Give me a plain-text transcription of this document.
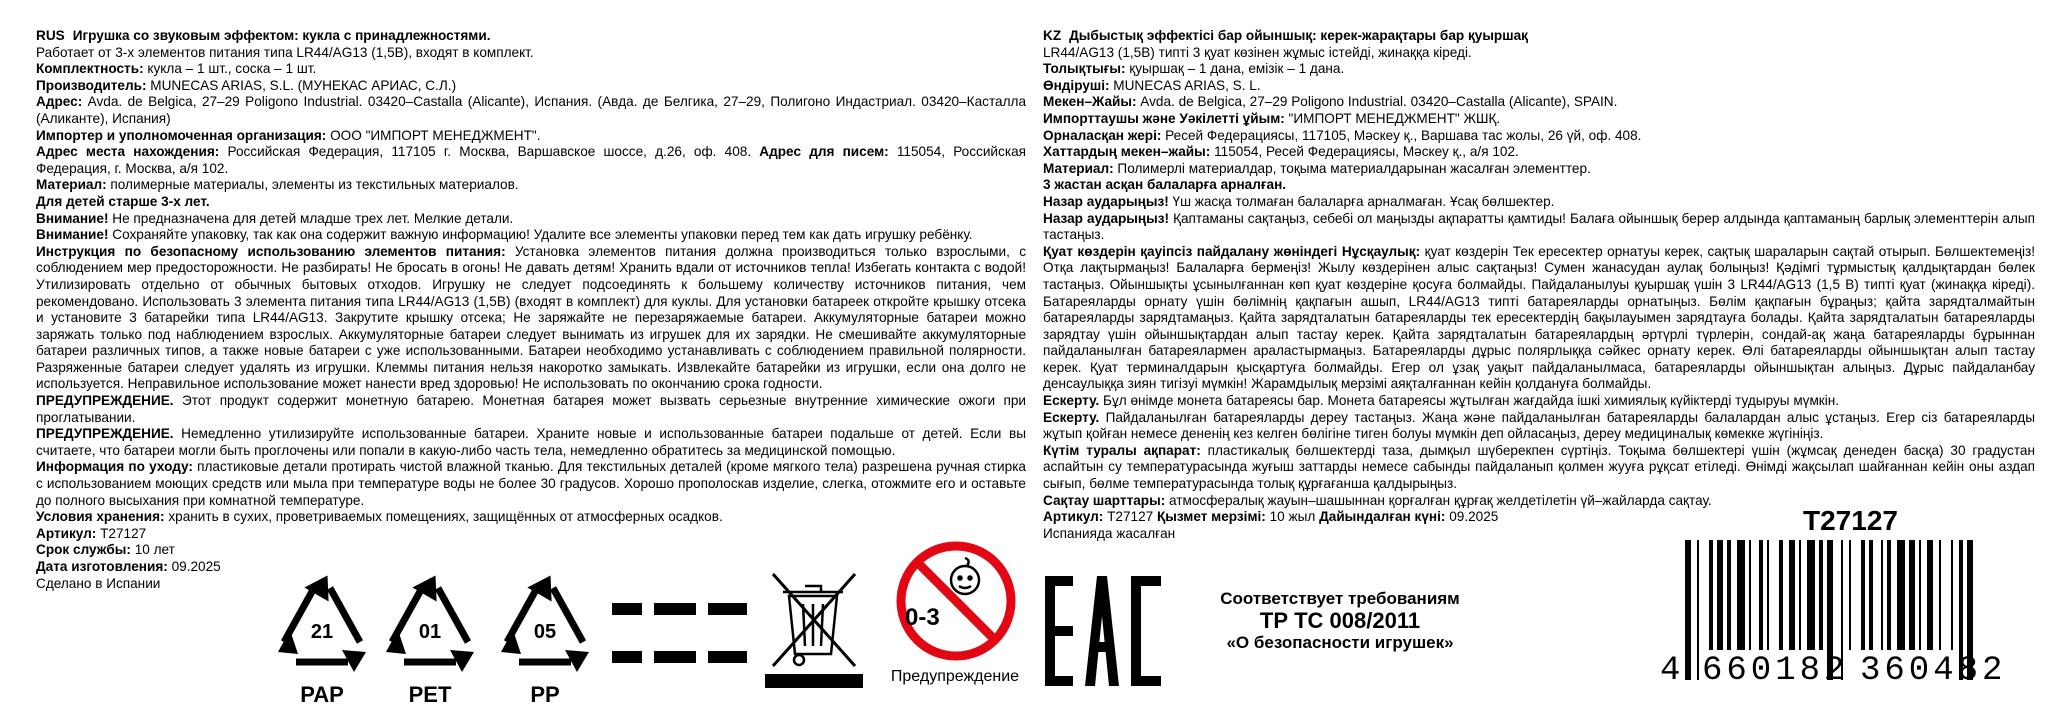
RUS Игрушка со звуковым эффектом: кукла с принадлежностями.

Работает от 3-х элементов питания типа LR44/AG13 (1,5В), входят в комплект.

Комплектность: кукла – 1 шт., соска – 1 шт.

Производитель: MUNECAS ARIAS, S.L. (МУНЕКАС АРИАС, С.Л.)

Адрес: Avda. de Belgica, 27–29 Poligono Industrial. 03420–Castalla (Alicante), Испания. (Авда. де Белгика, 27–29, Полигоно Индастриал. 03420–Касталла (Аликанте), Испания)

Импортер и уполномоченная организация: ООО "ИМПОРТ МЕНЕДЖМЕНТ".

Адрес места нахождения: Российская Федерация, 117105 г. Москва, Варшавское шоссе, д.26, оф. 408. Адрес для писем: 115054, Российская Федерация, г. Москва, а/я 102.

Материал: полимерные материалы, элементы из текстильных материалов.

Для детей старше 3-х лет.

Внимание! Не предназначена для детей младше трех лет. Мелкие детали.

Внимание! Сохраняйте упаковку, так как она содержит важную информацию! Удалите все элементы упаковки перед тем как дать игрушку ребёнку.

Инструкция по безопасному использованию элементов питания: Установка элементов питания должна производиться только взрослыми, с соблюдением мер предосторожности. Не разбирать! Не бросать в огонь! Не давать детям! Хранить вдали от источников тепла! Избегать контакта с водой! Утилизировать отдельно от обычных бытовых отходов. Игрушку не следует подсоединять к большему количеству источников питания, чем рекомендовано. Использовать 3 элемента питания типа LR44/AG13 (1,5В) (входят в комплект) для куклы. Для установки батареек откройте крышку отсека и установите 3 батарейки типа LR44/AG13. Закрутите крышку отсека; Не заряжайте не перезаряжаемые батареи. Аккумуляторные батареи можно заряжать только под наблюдением взрослых. Аккумуляторные батареи следует вынимать из игрушек для их зарядки. Не смешивайте аккумуляторные батареи различных типов, а также новые батареи с уже использованными. Батареи необходимо устанавливать с соблюдением правильной полярности. Разряженные батареи следует удалять из игрушки. Клеммы питания нельзя накоротко замыкать. Извлекайте батарейки из игрушки, если она долго не используется. Неправильное использование может нанести вред здоровью! Не использовать по окончанию срока годности.

ПРЕДУПРЕЖДЕНИЕ. Этот продукт содержит монетную батарею. Монетная батарея может вызвать серьезные внутренние химические ожоги при проглатывании.

ПРЕДУПРЕЖДЕНИЕ. Немедленно утилизируйте использованные батареи. Храните новые и использованные батареи подальше от детей. Если вы считаете, что батареи могли быть проглочены или попали в какую-либо часть тела, немедленно обратитесь за медицинской помощью.

Информация по уходу: пластиковые детали протирать чистой влажной тканью. Для текстильных деталей (кроме мягкого тела) разрешена ручная стирка с использованием моющих средств или мыла при температуре воды не более 30 градусов. Хорошо прополоскав изделие, слегка, отожмите его и оставьте до полного высыхания при комнатной температуре.

Условия хранения: хранить в сухих, проветриваемых помещениях, защищённых от атмосферных осадков.

Артикул: T27127

Срок службы: 10 лет

Дата изготовления: 09.2025

Сделано в Испании

KZ Дыбыстық эффектісі бар ойыншық: керек-жарақтары бар қуыршақ

LR44/AG13 (1,5В) типті 3 қуат көзінен жұмыс істейді, жинаққа кіреді.

Толықтығы: қуыршақ – 1 дана, емізік – 1 дана.

Өндіруші: MUNECAS ARIAS, S. L.

Мекен–Жайы: Avda. de Belgica, 27–29 Poligono Industrial. 03420–Castalla (Alicante), SPAIN.

Импорттаушы және Уәкілетті ұйым: "ИМПОРТ МЕНЕДЖМЕНТ" ЖШҚ.

Орналасқан жері: Ресей Федерациясы, 117105, Мәскеу қ., Варшава тас жолы, 26 үй, оф. 408.

Хаттардың мекен–жайы: 115054, Ресей Федерациясы, Мәскеу қ., а/я 102.

Материал: Полимерлі материалдар, тоқыма материалдарынан жасалған элементтер.

3 жастан асқан балаларға арналған.

Назар аударыңыз! Үш жасқа толмаған балаларға арналмаған. Ұсақ бөлшектер.

Назар аударыңыз! Қаптаманы сақтаңыз, себебі ол маңызды ақпаратты қамтиды! Балаға ойыншық берер алдында қаптаманың барлық элементтерін алып тастаңыз.

Қуат көздерін қауіпсіз пайдалану жөніндегі Нұсқаулық: қуат көздерін Тек ересектер орнатуы керек, сақтық шараларын сақтай отырып. Бөлшектемеңіз! Отқа лақтырмаңыз! Балаларға бермеңіз! Жылу көздерінен алыс сақтаңыз! Сумен жанасудан аулақ болыңыз! Қәдімгі тұрмыстық қалдықтардан бөлек тастаңыз. Ойыншықты ұсынылғаннан көп қуат көздеріне қосуға болмайды. Пайдаланылуы қуыршақ үшін 3 LR44/AG13 (1,5 В) типті қуат (жинаққа кіреді). Батареяларды орнату үшін бөлімнің қақпағын ашып, LR44/AG13 типті батареяларды орнатыңыз. Бөлім қақпағын бұраңыз; қайта зарядталмайтын батареяларды зарядтамаңыз. Қайта зарядталатын батареяларды тек ересектердің бақылауымен зарядтауға болады. Қайта зарядталатын батареяларды зарядтау үшін ойыншықтардан алып тастау керек. Қайта зарядталатын батареялардың әртүрлі түрлерін, сондай-ақ жаңа батареяларды бұрыннан пайдаланылған батареялармен араластырмаңыз. Батареяларды дұрыс полярлыққа сәйкес орнату керек. Өлі батареяларды ойыншықтан алып тастау керек. Қуат терминалдарын қысқартуға болмайды. Егер ол ұзақ уақыт пайдаланылмаса, батареяларды ойыншықтан алыңыз. Дұрыс пайдаланбау денсаулыққа зиян тигізуі мүмкін! Жарамдылық мерзімі аяқталғаннан кейін қолдануға болмайды.

Ескерту. Бұл өнімде монета батареясы бар. Монета батареясы жұтылған жағдайда ішкі химиялық күйіктерді тудыруы мүмкін.

Ескерту. Пайдаланылған батареяларды дереу тастаңыз. Жаңа және пайдаланылған батареяларды балалардан алыс ұстаңыз. Егер сіз батареяларды жұтып қойған немесе дененің кез келген бөлігіне тиген болуы мүмкін деп ойласаңыз, дереу медициналық көмекке жүгініңіз.

Күтім туралы ақпарат: пластикалық бөлшектерді таза, дымқыл шүберекпен сүртіңіз. Тоқыма бөлшектері үшін (жұмсақ денеден басқа) 30 градустан аспайтын су температурасында жуғыш заттарды немесе сабынды пайдаланып қолмен жууға рұқсат етіледі. Өнімді жақсылап шайғаннан кейін оны аздап сығып, бөлме температурасында толық құрғағанша қалдырыңыз.

Сақтау шарттары: атмосфералық жауын–шашыннан қорғалған құрғақ желдетілетін үй–жайларда сақтау.

Артикул: T27127 Қызмет мерзімі: 10 жыл Дайындалған күні: 09.2025

Испанияда жасалған

21
PAP
01
PET
05
PP
0-3
Предупреждение
Соответствует требованиям
ТР ТС 008/2011
«О безопасности игрушек»
T27127
4 660182 360482
